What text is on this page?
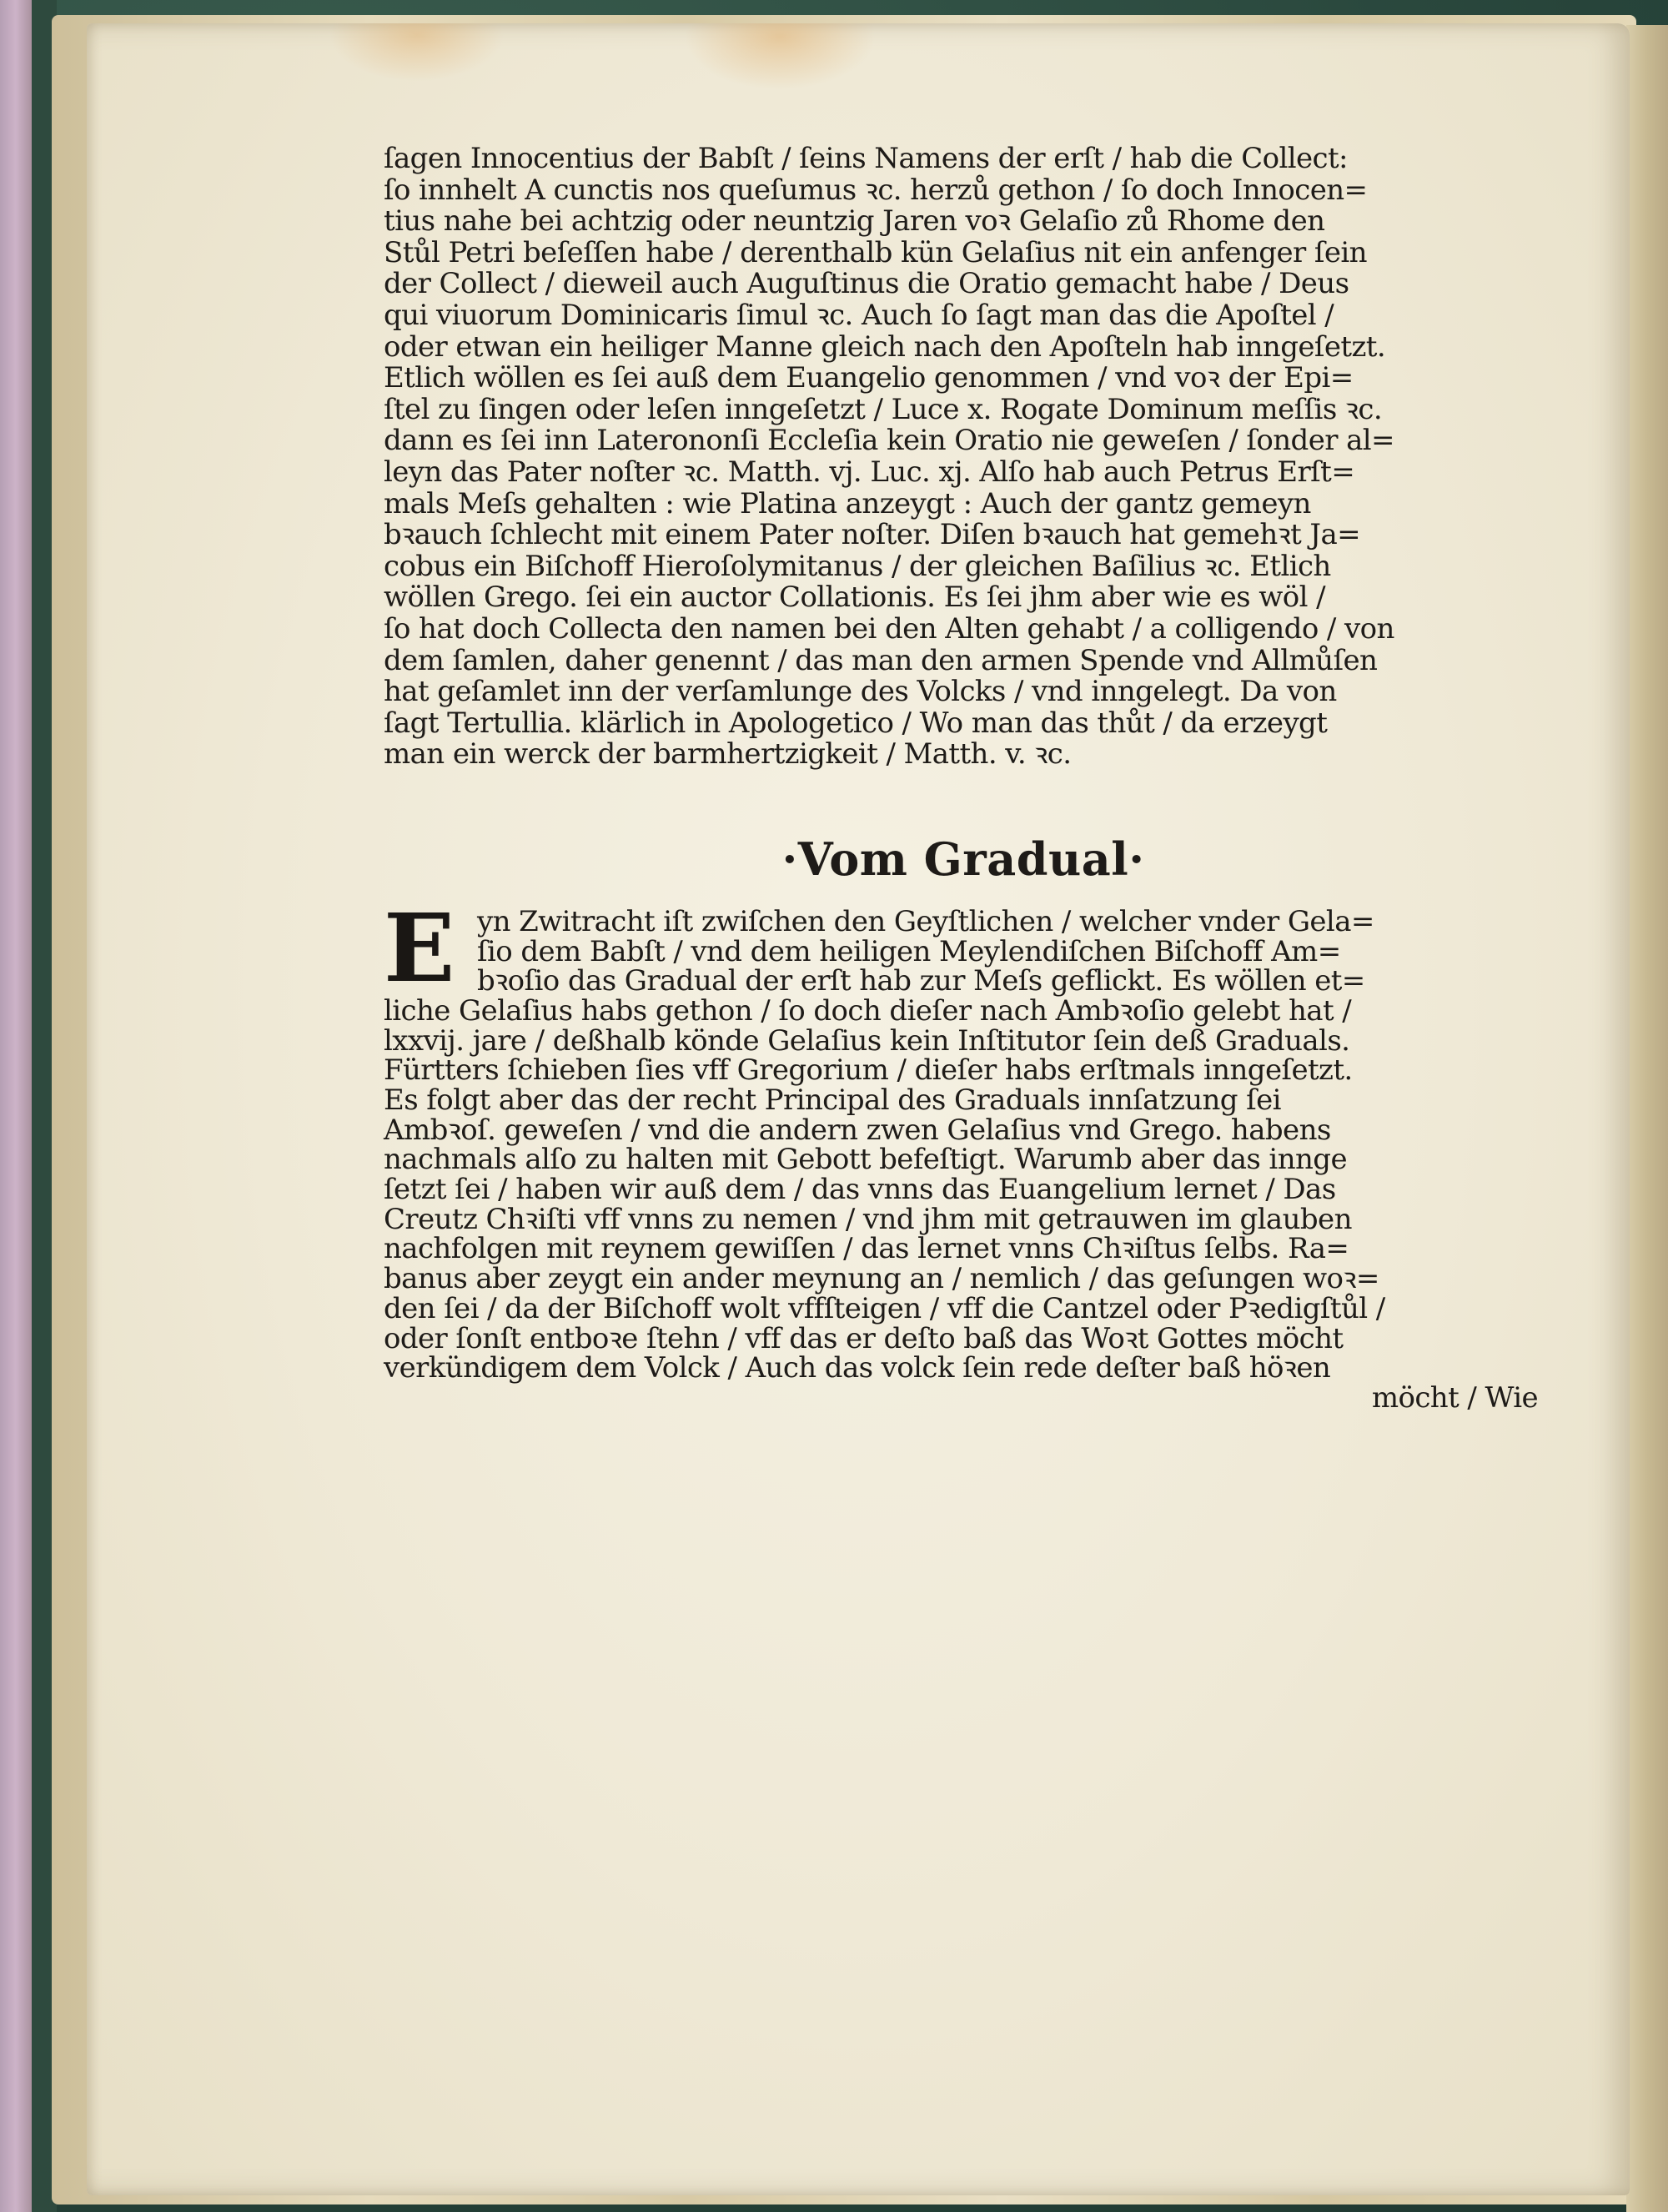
ſagen Innocentius der Babſt / ſeins Namens der erſt / hab die Collect:
ſo innhelt A cunctis nos queſumus ꝛc. herzů gethon / ſo doch Innocen=
tius nahe bei achtzig oder neuntzig Jaren voꝛ Gelaſio zů Rhome den
Stůl Petri beſeſſen habe / derenthalb kün Gelaſius nit ein anfenger ſein
der Collect / dieweil auch Auguſtinus die Oratio gemacht habe / Deus
qui viuorum Dominicaris ſimul ꝛc. Auch ſo ſagt man das die Apoſtel /
oder etwan ein heiliger Manne gleich nach den Apoſteln hab inngeſetzt.
Etlich wöllen es ſei auß dem Euangelio genommen / vnd voꝛ der Epi=
ſtel zu ſingen oder leſen inngeſetzt / Luce x. Rogate Dominum meſſis ꝛc.
dann es ſei inn Laterononſi Eccleſia kein Oratio nie geweſen / ſonder al=
leyn das Pater noſter ꝛc. Matth. vj. Luc. xj. Alſo hab auch Petrus Erſt=
mals Meſs gehalten : wie Platina anzeygt : Auch der gantz gemeyn
bꝛauch ſchlecht mit einem Pater noſter. Diſen bꝛauch hat gemehꝛt Ja=
cobus ein Biſchoff Hieroſolymitanus / der gleichen Baſilius ꝛc. Etlich
wöllen Grego. ſei ein auctor Collationis. Es ſei jhm aber wie es wöl /
ſo hat doch Collecta den namen bei den Alten gehabt / a colligendo / von
dem ſamlen, daher genennt / das man den armen Spende vnd Allmůſen
hat geſamlet inn der verſamlunge des Volcks / vnd inngelegt. Da von
ſagt Tertullia. klärlich in Apologetico / Wo man das thůt / da erzeygt
man ein werck der barmhertzigkeit / Matth. v. ꝛc.
·Vom Gradual·
E yn Zwitracht iſt zwiſchen den Geyſtlichen / welcher vnder Gela=
ſio dem Babſt / vnd dem heiligen Meylendiſchen Biſchoff Am=
bꝛoſio das Gradual der erſt hab zur Meſs geflickt. Es wöllen et=
liche Gelaſius habs gethon / ſo doch dieſer nach Ambꝛoſio gelebt hat /
lxxvij. jare / deßhalb könde Gelaſius kein Inſtitutor ſein deß Graduals.
Fürtters ſchieben ſies vff Gregorium / dieſer habs erſtmals inngeſetzt.
Es folgt aber das der recht Principal des Graduals innſatzung ſei
Ambꝛoſ. geweſen / vnd die andern zwen Gelaſius vnd Grego. habens
nachmals alſo zu halten mit Gebott befeſtigt. Warumb aber das innge
ſetzt ſei / haben wir auß dem / das vnns das Euangelium lernet / Das
Creutz Chꝛiſti vff vnns zu nemen / vnd jhm mit getrauwen im glauben
nachfolgen mit reynem gewiſſen / das lernet vnns Chꝛiſtus ſelbs. Ra=
banus aber zeygt ein ander meynung an / nemlich / das geſungen woꝛ=
den ſei / da der Biſchoff wolt vffſteigen / vff die Cantzel oder Pꝛedigſtůl /
oder ſonſt entboꝛe ſtehn / vff das er deſto baß das Woꝛt Gottes möcht
verkündigem dem Volck / Auch das volck ſein rede deſter baß höꝛen
möcht / Wie
